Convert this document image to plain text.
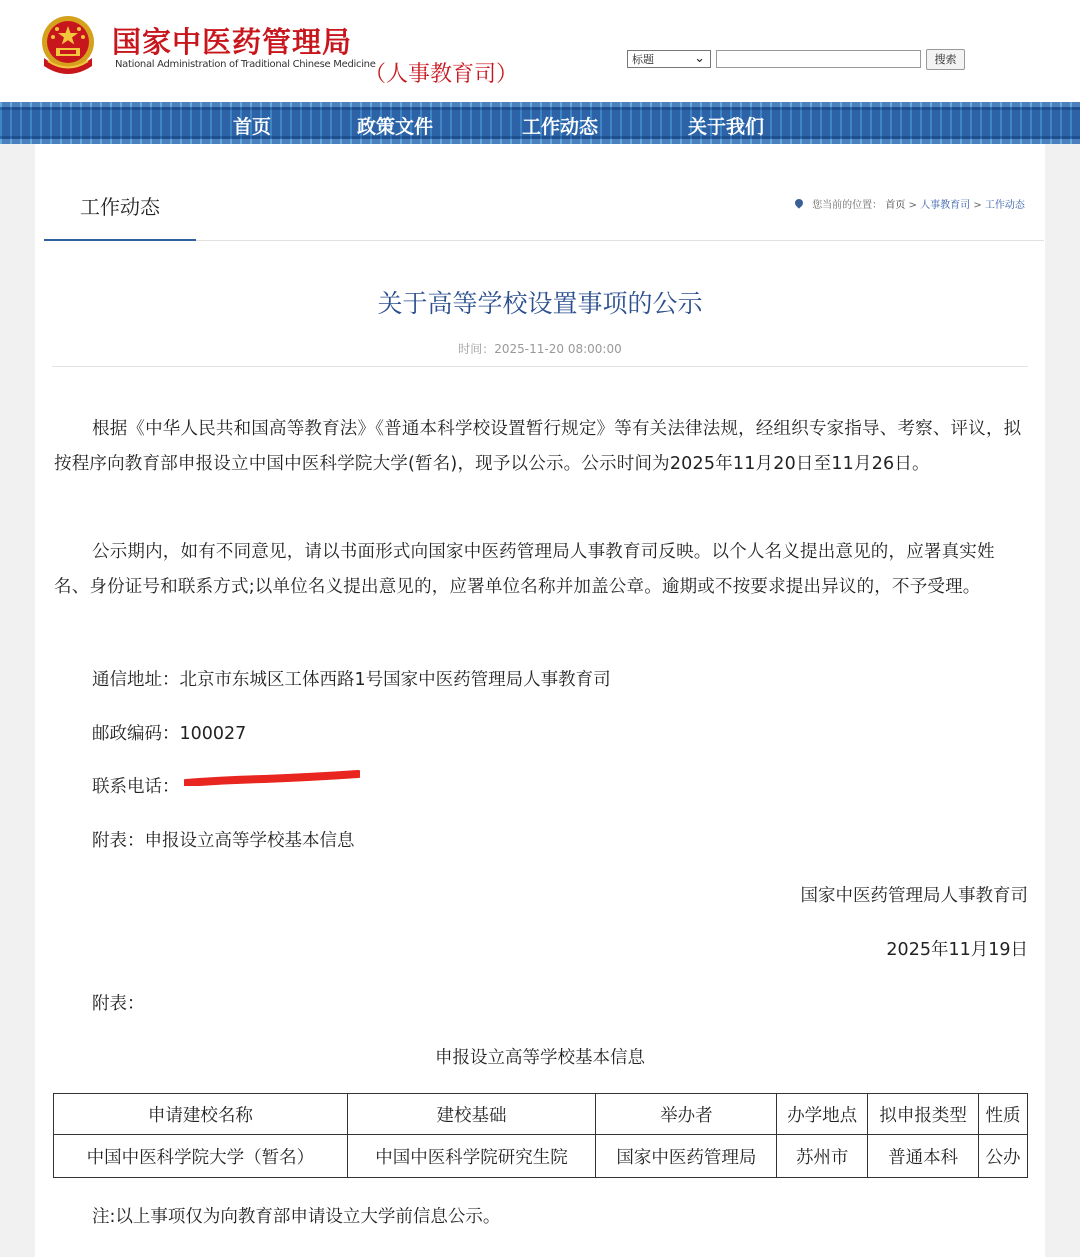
国家中医药管理局
National Administration of Traditional Chinese Medicine
（人事教育司）
标题	⌄	搜索
首页	政策文件	工作动态	关于我们
工作动态	您当前的位置： 首页 > 人事教育司 > 工作动态
关于高等学校设置事项的公示
时间：2025-11-20 08:00:00
根据《中华人民共和国高等教育法》《普通本科学校设置暂行规定》等有关法律法规，经组织专家指导、考察、评议，拟按程序向教育部申报设立中国中医科学院大学(暂名)，现予以公示。公示时间为2025年11月20日至11月26日。
公示期内，如有不同意见，请以书面形式向国家中医药管理局人事教育司反映。以个人名义提出意见的，应署真实姓名、身份证号和联系方式;以单位名义提出意见的，应署单位名称并加盖公章。逾期或不按要求提出异议的，不予受理。
通信地址：北京市东城区工体西路1号国家中医药管理局人事教育司
邮政编码：100027
联系电话：
附表：申报设立高等学校基本信息
国家中医药管理局人事教育司
2025年11月19日
附表：
申报设立高等学校基本信息
申请建校名称	建校基础	举办者	办学地点	拟申报类型	性质
中国中医科学院大学（暂名）	中国中医科学院研究生院	国家中医药管理局	苏州市	普通本科	公办
注:以上事项仅为向教育部申请设立大学前信息公示。
